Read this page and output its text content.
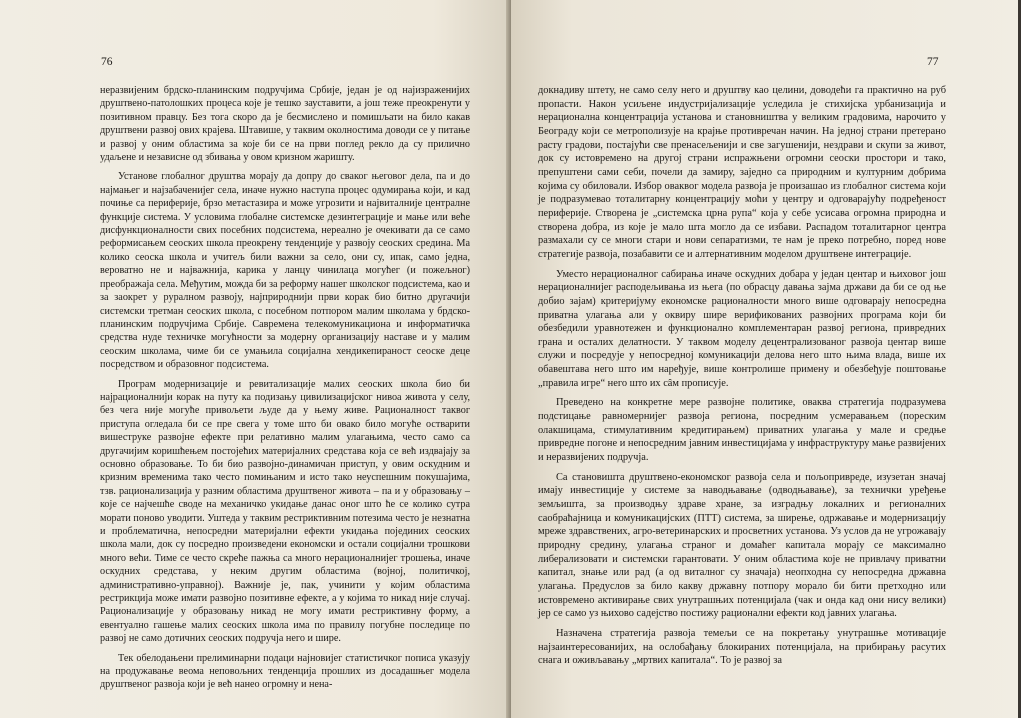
76

неразвијеним брдско-планинским подручјима Србије, један је од најизраженијих друштвено-патолошких процеса које је тешко зауставити, а још теже преокренути у позитивном правцу. Без тога скоро да је бесмислено и помишљати на било какав друштвени развој ових крајева. Штавише, у таквим околностима доводи се у питање и развој у оним областима за које би се на први поглед рекло да су прилично удаљене и независне од збивања у овом кризном жаришту.

Установе глобалног друштва морају да допру до сваког његовог дела, па и до најмањег и најзабаченијег села, иначе нужно наступа процес одумирања који, и кад почиње са периферије, брзо метастазира и може угрозити и највиталније централне функције система. У условима глобалне системске дезинтеграције и мање или веће дисфункционалности свих посебних подсистема, нереално је очекивати да се само реформисањем сеоских школа преокрену тенденције у развоју сеоских средина. Ма колико сеоска школа и учитељ били важни за село, они су, ипак, само једна, вероватно не и најважнија, карика у ланцу чинилаца могућег (и пожељног) преображаја села. Међутим, можда би за реформу нашег школског подсистема, као и за заокрет у руралном развоју, најприроднији први корак био битно другачији системски третман сеоских школа, с посебном потпором малим школама у брдско-планинским подручјима Србије. Савремена телекомуникациона и информатичка средства нуде техничке могућности за модерну организацију наставе и у малим сеоским школама, чиме би се умањила социјална хендикепираност сеоске деце посредством и образовног подсистема.

Програм модернизације и ревитализације малих сеоских школа био би најрационалнији корак на путу ка подизању цивилизацијског нивоа живота у селу, без чега није могуће привољети људе да у њему живе. Рационалност таквог приступа огледала би се пре свега у томе што би овако било могуће остварити вишеструке развојне ефекте при релативно малим улагањима, често само са другачијим коришћењем постојећих материјалних средстава која се већ издвајају за основно образовање. То би био развојно-динамичан приступ, у овим оскудним и кризним временима тако често помињаним и исто тако неуспешним покушајима, тзв. рационализација у разним областима друштвеног живота – па и у образовању – које се најчешће своде на механичко укидање данас оног што ће се колико сутра морати поново уводити. Уштеда у таквим рестриктивним потезима често је незнатна и проблематична, непосредни материјални ефекти укидања појединих сеоских школа мали, док су посредно произведени економски и остали социјални трошкови много већи. Тиме се често скреће пажња са много нерационалнијег трошења, иначе оскудних средстава, у неким другим областима (војној, политичкој, административно-управној). Важније је, пак, учинити у којим областима рестрикција може имати развојно позитивне ефекте, а у којима то никад није случај. Рационализације у образовању никад не могу имати рестриктивну форму, а евентуално гашење малих сеоских школа има по правилу погубне последице по развој не само дотичних сеоских подручја него и шире.

Тек обелодањени прелиминарни подаци најновијег статистичког пописа указују на продужавање веома неповољних тенденција прошлих из досадашњег модела друштвеног развоја који је већ нанео огромну и нена-

77

докнадиву штету, не само селу него и друштву као целини, доводећи га практично на руб пропасти. Након усиљене индустријализације уследила је стихијска урбанизација и нерационална концентрација установа и становништва у великим градовима, нарочито у Београду који се метрополизује на крајње противречан начин. На једној страни претерано расту градови, постајући све пренасељенији и све загушенији, нездрави и скупи за живот, док су истовремено на другој страни испражњени огромни сеоски простори и тако, препуштени сами себи, почели да замиру, заједно са природним и културним добрима којима су обиловали. Избор оваквог модела развоја је произашао из глобалног система који је подразумевао тоталитарну концентрацију моћи у центру и одговарајућу подређеност периферије. Створена је „системска црна рупа“ која у себе усисава огромна природна и створена добра, из које је мало шта могло да се избави. Распадом тоталитарног центра размахали су се многи стари и нови сепаратизми, те нам је прeко потребно, поред нове стратегије развоја, позабавити се и алтернативним моделом друштвене интеграције.

Уместо нерационалног сабирања иначе оскудних добара у један центар и њиховог још нерационалнијег расподељивања из њега (по обрасцу давања зајма држави да би се од ње добио зајам) критеријуму економске рационалности много више одговарају непосредна приватна улагања али у оквиру шире верификованих развојних програма који би обезбедили уравнотежен и функционално комплементаран развој региона, привредних грана и осталих делатности. У таквом моделу децентрализованог развоја центар више служи и посредује у непосредној комуникацији делова него што њима влада, више их обавештава него што им наређује, више контролише примену и обезбеђује поштовање „правила игре“ него што их сâм прописује.

Преведено на конкретне мере развојне политике, оваква стратегија подразумева подстицање равномернијег развоја региона, посредним усмеравањем (пореским олакшицама, стимулативним кредитирањем) приватних улагања у мале и средње привредне погоне и непосредним јавним инвестицијама у инфраструктуру мање развијених и неразвијених подручја.

Са становишта друштвено-економског развоја села и пољопривреде, изузетан значај имају инвестиције у системе за наводњавање (одводњавање), за технички уређење земљишта, за производњу здраве хране, за изградњу локалних и регионалних саобраћајница и комуникацијских (ПТТ) система, за ширење, одржавање и модернизацију мреже здравствених, агро-ветеринарских и просветних установа. Уз услов да не угрожавају природну средину, улагања страног и домаћег капитала морају се максимално либерализовати и системски гарантовати. У оним областима које не привлачу приватни капитал, знање или рад (а од виталног су значаја) неопходна су непосредна државна улагања. Предуслов за било какву државну потпору морало би бити претходно или истовремено активирање свих унутрашњих потенцијала (чак и онда кад они нису велики) јер се само уз њихово садејство постижу рационални ефекти код јавних улагања.

Назначена стратегија развоја темељи се на покретању унутрашње мотивације најзаинтересованијих, на ослобађању блокираних потенцијала, на прибирању расутих снага и оживљавању „мртвих капитала“. То је развој за
